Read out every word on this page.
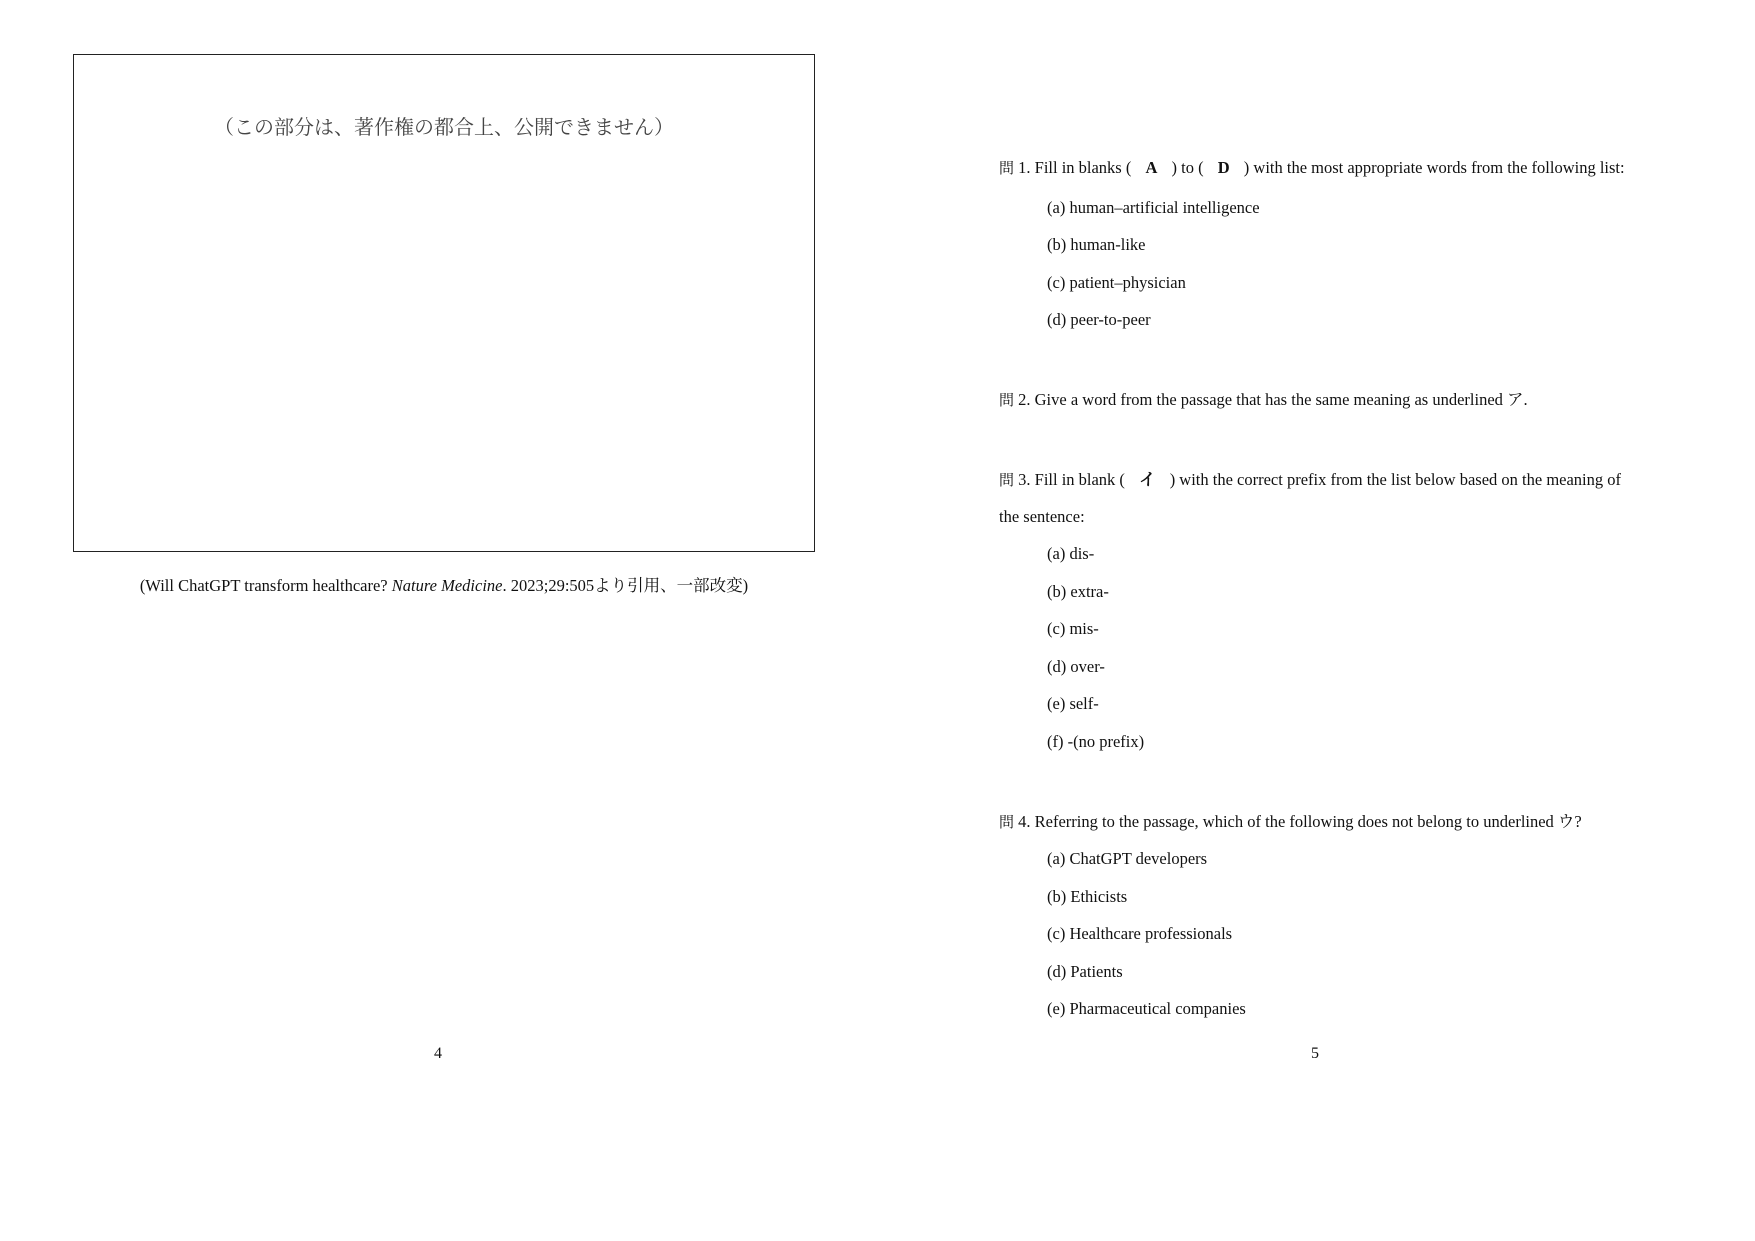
（この部分は、著作権の都合上、公開できません）
(Will ChatGPT transform healthcare? Nature Medicine. 2023;29:505より引用、一部改変)
4
問 1. Fill in blanks ( A ) to ( D ) with the most appropriate words from the following list:
(a) human–artificial intelligence
(b) human-like
(c) patient–physician
(d) peer-to-peer
問 2. Give a word from the passage that has the same meaning as underlined ア.
問 3. Fill in blank ( イ ) with the correct prefix from the list below based on the meaning of
the sentence:
(a) dis-
(b) extra-
(c) mis-
(d) over-
(e) self-
(f) -(no prefix)
問 4. Referring to the passage, which of the following does not belong to underlined ウ?
(a) ChatGPT developers
(b) Ethicists
(c) Healthcare professionals
(d) Patients
(e) Pharmaceutical companies
5
